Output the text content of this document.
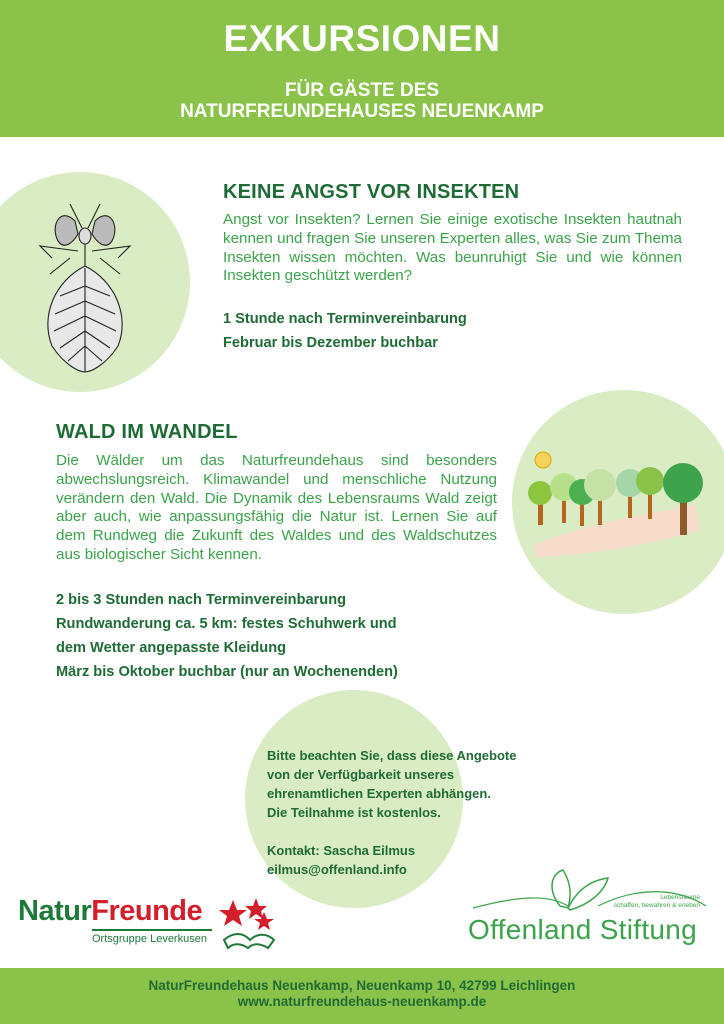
EXKURSIONEN
FÜR GÄSTE DES
NATURFREUNDEHAUSES NEUENKAMP
KEINE ANGST VOR INSEKTEN
Angst vor Insekten? Lernen Sie einige exotische Insekten hautnah kennen und fragen Sie unseren Experten alles, was Sie zum Thema Insekten wissen möchten. Was beunruhigt Sie und wie können Insekten geschützt werden?
1 Stunde nach Terminvereinbarung
Februar bis Dezember buchbar
WALD IM WANDEL
Die Wälder um das Naturfreundehaus sind besonders abwechslungsreich. Klimawandel und menschliche Nutzung verändern den Wald. Die Dynamik des Lebensraums Wald zeigt aber auch, wie anpassungsfähig die Natur ist. Lernen Sie auf dem Rundweg die Zukunft des Waldes und des Waldschutzes aus biologischer Sicht kennen.
2 bis 3 Stunden nach Terminvereinbarung
Rundwanderung ca. 5 km: festes Schuhwerk und
dem Wetter angepasste Kleidung
März bis Oktober buchbar (nur an Wochenenden)
Bitte beachten Sie, dass diese Angebote
von der Verfügbarkeit unseres
ehrenamtlichen Experten abhängen.
Die Teilnahme ist kostenlos.
Kontakt: Sascha Eilmus
eilmus@offenland.info
NaturFreunde
Ortsgruppe Leverkusen
Lebensräume
schaffen, bewahren & erleben
Offenland Stiftung
NaturFreundehaus Neuenkamp, Neuenkamp 10, 42799 Leichlingen
www.naturfreundehaus-neuenkamp.de
